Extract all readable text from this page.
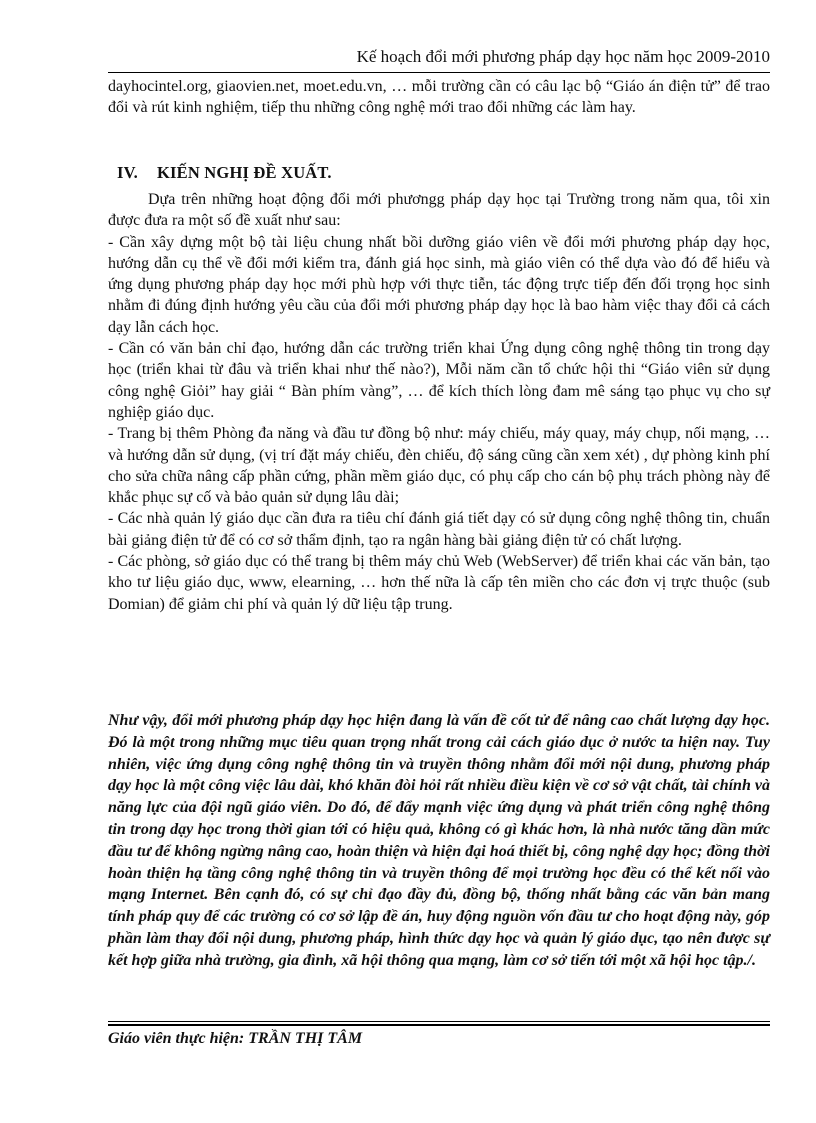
Kế hoạch đổi mới phương pháp dạy học năm học 2009-2010

dayhocintel.org, giaovien.net, moet.edu.vn, … mỗi trường cần có câu lạc bộ “Giáo án điện tử” để trao đổi và rút kinh nghiệm, tiếp thu những công nghệ mới trao đổi những các làm hay.

IV. KIẾN NGHỊ ĐỀ XUẤT.

Dựa trên những hoạt động đổi mới phươngg pháp dạy học tại Trường trong năm qua, tôi xin được đưa ra một số đề xuất như sau:

- Cần xây dựng một bộ tài liệu chung nhất bồi dưỡng giáo viên về đổi mới phương pháp dạy học, hướng dẫn cụ thể về đổi mới kiểm tra, đánh giá học sinh, mà giáo viên có thể dựa vào đó để hiểu và ứng dụng phương pháp dạy học mới phù hợp với thực tiễn, tác động trực tiếp đến đối trọng học sinh nhằm đi đúng định hướng yêu cầu của đổi mới phương pháp dạy học là bao hàm việc thay đổi cả cách dạy lẫn cách học.

- Cần có văn bản chỉ đạo, hướng dẫn các trường triển khai Ứng dụng công nghệ thông tin trong dạy học (triển khai từ đâu và triển khai như thế nào?), Mỗi năm cần tổ chức hội thi “Giáo viên sử dụng công nghệ Giỏi” hay giải “ Bàn phím vàng”, … để kích thích lòng đam mê sáng tạo phục vụ cho sự nghiệp giáo dục.

- Trang bị thêm Phòng đa năng và đầu tư đồng bộ như: máy chiếu, máy quay, máy chụp, nối mạng, …và hướng dẫn sử dụng, (vị trí đặt máy chiếu, đèn chiếu, độ sáng cũng cần xem xét) , dự phòng kinh phí cho sửa chữa nâng cấp phần cứng, phần mềm giáo dục, có phụ cấp cho cán bộ phụ trách phòng này để khắc phục sự cố và bảo quản sử dụng lâu dài;

- Các nhà quản lý giáo dục cần đưa ra tiêu chí đánh giá tiết dạy có sử dụng công nghệ thông tin, chuẩn bài giảng điện tử để có cơ sở thẩm định, tạo ra ngân hàng bài giảng điện tử có chất lượng.

- Các phòng, sở giáo dục có thể trang bị thêm máy chủ Web (WebServer) để triển khai các văn bản, tạo kho tư liệu giáo dục, www, elearning, … hơn thế nữa là cấp tên miền cho các đơn vị trực thuộc (sub Domian) để giảm chi phí và quản lý dữ liệu tập trung.

Như vậy, đổi mới phương pháp dạy học hiện đang là vấn đề cốt tử để nâng cao chất lượng dạy học. Đó là một trong những mục tiêu quan trọng nhất trong cải cách giáo dục ở nước ta hiện nay. Tuy nhiên, việc ứng dụng công nghệ thông tin và truyền thông nhằm đổi mới nội dung, phương pháp dạy học là một công việc lâu dài, khó khăn đòi hỏi rất nhiều điều kiện về cơ sở vật chất, tài chính và năng lực của đội ngũ giáo viên. Do đó, để đẩy mạnh việc ứng dụng và phát triển công nghệ thông tin trong dạy học trong thời gian tới có hiệu quả, không có gì khác hơn, là nhà nước tăng dần mức đầu tư để không ngừng nâng cao, hoàn thiện và hiện đại hoá thiết bị, công nghệ dạy học; đồng thời hoàn thiện hạ tầng công nghệ thông tin và truyền thông để mọi trường học đều có thể kết nối vào mạng Internet. Bên cạnh đó, có sự chỉ đạo đầy đủ, đồng bộ, thống nhất bằng các văn bản mang tính pháp quy để các trường có cơ sở lập đề án, huy động nguồn vốn đầu tư cho hoạt động này, góp phần làm thay đổi nội dung, phương pháp, hình thức dạy học và quản lý giáo dục, tạo nên được sự kết hợp giữa nhà trường, gia đình, xã hội thông qua mạng, làm cơ sở tiến tới một xã hội học tập./.

Giáo viên thực hiện: TRẦN THỊ TÂM
